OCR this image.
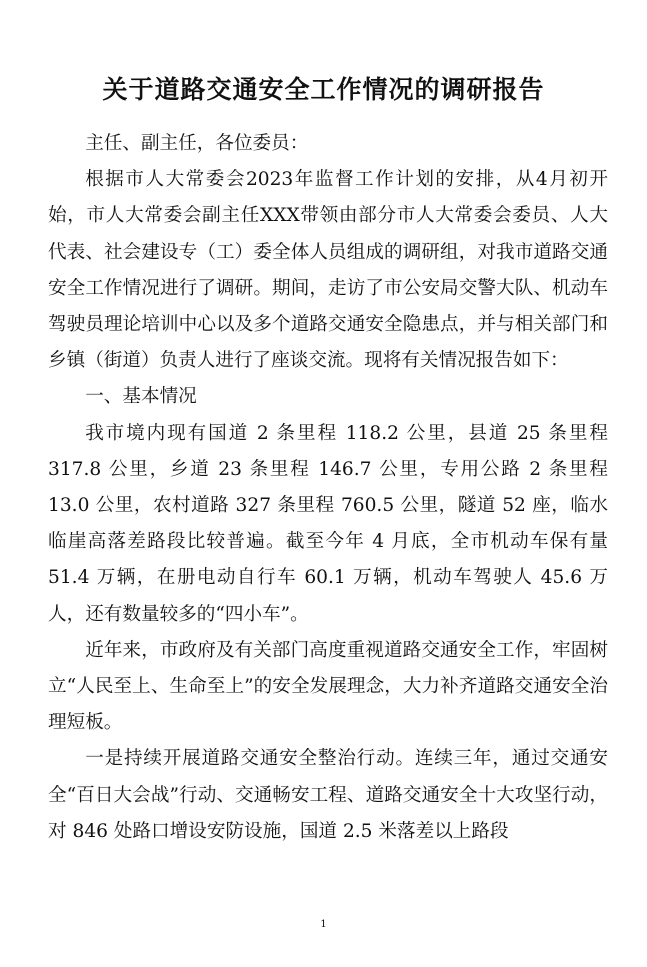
关于道路交通安全工作情况的调研报告

主任、副主任，各位委员：

根据市人大常委会2023年监督工作计划的安排，从4月初开始，市人大常委会副主任XXX带领由部分市人大常委会委员、人大代表、社会建设专（工）委全体人员组成的调研组，对我市道路交通安全工作情况进行了调研。期间，走访了市公安局交警大队、机动车驾驶员理论培训中心以及多个道路交通安全隐患点，并与相关部门和乡镇（街道）负责人进行了座谈交流。现将有关情况报告如下：

一、基本情况

我市境内现有国道 2 条里程 118.2 公里，县道 25 条里程 317.8 公里，乡道 23 条里程 146.7 公里，专用公路 2 条里程 13.0 公里，农村道路 327 条里程 760.5 公里，隧道 52 座，临水临崖高落差路段比较普遍。截至今年 4 月底，全市机动车保有量 51.4 万辆，在册电动自行车 60.1 万辆，机动车驾驶人 45.6 万人，还有数量较多的“四小车”。

近年来，市政府及有关部门高度重视道路交通安全工作，牢固树立“人民至上、生命至上”的安全发展理念，大力补齐道路交通安全治理短板。

一是持续开展道路交通安全整治行动。连续三年，通过交通安全“百日大会战”行动、交通畅安工程、道路交通安全十大攻坚行动，对 846 处路口增设安防设施，国道 2.5 米落差以上路段

1
